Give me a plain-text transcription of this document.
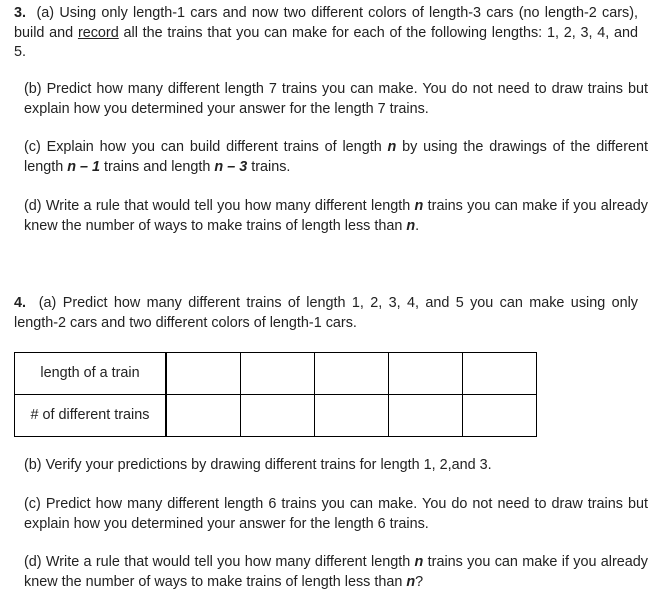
3. (a) Using only length-1 cars and now two different colors of length-3 cars (no length-2 cars), build and record all the trains that you can make for each of the following lengths: 1, 2, 3, 4, and 5.

(b) Predict how many different length 7 trains you can make. You do not need to draw trains but explain how you determined your answer for the length 7 trains.

(c) Explain how you can build different trains of length n by using the drawings of the different length n – 1 trains and length n – 3 trains.

(d) Write a rule that would tell you how many different length n trains you can make if you already knew the number of ways to make trains of length less than n.

4. (a) Predict how many different trains of length 1, 2, 3, 4, and 5 you can make using only length-2 cars and two different colors of length-1 cars.

length of a train					
# of different trains					

(b) Verify your predictions by drawing different trains for length 1, 2,and 3.

(c) Predict how many different length 6 trains you can make. You do not need to draw trains but explain how you determined your answer for the length 6 trains.

(d) Write a rule that would tell you how many different length n trains you can make if you already knew the number of ways to make trains of length less than n?
